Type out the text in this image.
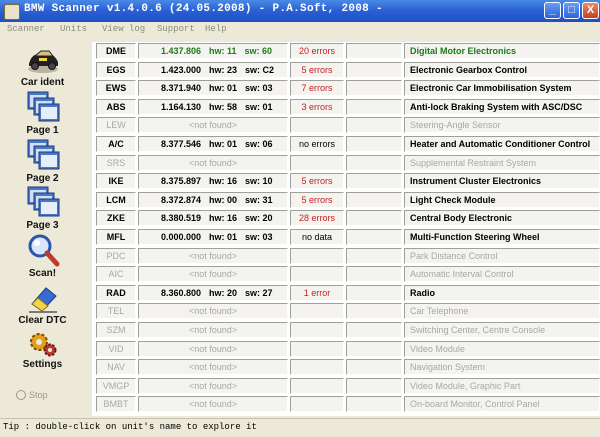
BMW Scanner v1.4.0.6 (24.05.2008) - P.A.Soft, 2008 -	_	□	X
Scanner Units View log Support Help
Car ident
Page 1
Page 2
Page 3
Scan!
Clear DTC
Settings
Stop
DME	1.437.806 hw: 11 sw: 60	20 errors	Digital Motor Electronics
EGS	1.423.000 hw: 23 sw: C2	5 errors	Electronic Gearbox Control
EWS	8.371.940 hw: 01 sw: 03	7 errors	Electronic Car Immobilisation System
ABS	1.164.130 hw: 58 sw: 01	3 errors	Anti-lock Braking System with ASC/DSC
LEW	<not found>	Steering-Angle Sensor
A/C	8.377.546 hw: 01 sw: 06	no errors	Heater and Automatic Conditioner Control
SRS	<not found>	Supplemental Restraint System
IKE	8.375.897 hw: 16 sw: 10	5 errors	Instrument Cluster Electronics
LCM	8.372.874 hw: 00 sw: 31	5 errors	Light Check Module
ZKE	8.380.519 hw: 16 sw: 20	28 errors	Central Body Electronic
MFL	0.000.000 hw: 01 sw: 03	no data	Multi-Function Steering Wheel
PDC	<not found>	Park Distance Control
AIC	<not found>	Automatic Interval Control
RAD	8.360.800 hw: 20 sw: 27	1 error	Radio
TEL	<not found>	Car Telephone
SZM	<not found>	Switching Center, Centre Console
VID	<not found>	Video Module
NAV	<not found>	Navigation System
VMGP	<not found>	Video Module, Graphic Part
BMBT	<not found>	On-board Monitor, Control Panel
Tip : double-click on unit's name to explore it
